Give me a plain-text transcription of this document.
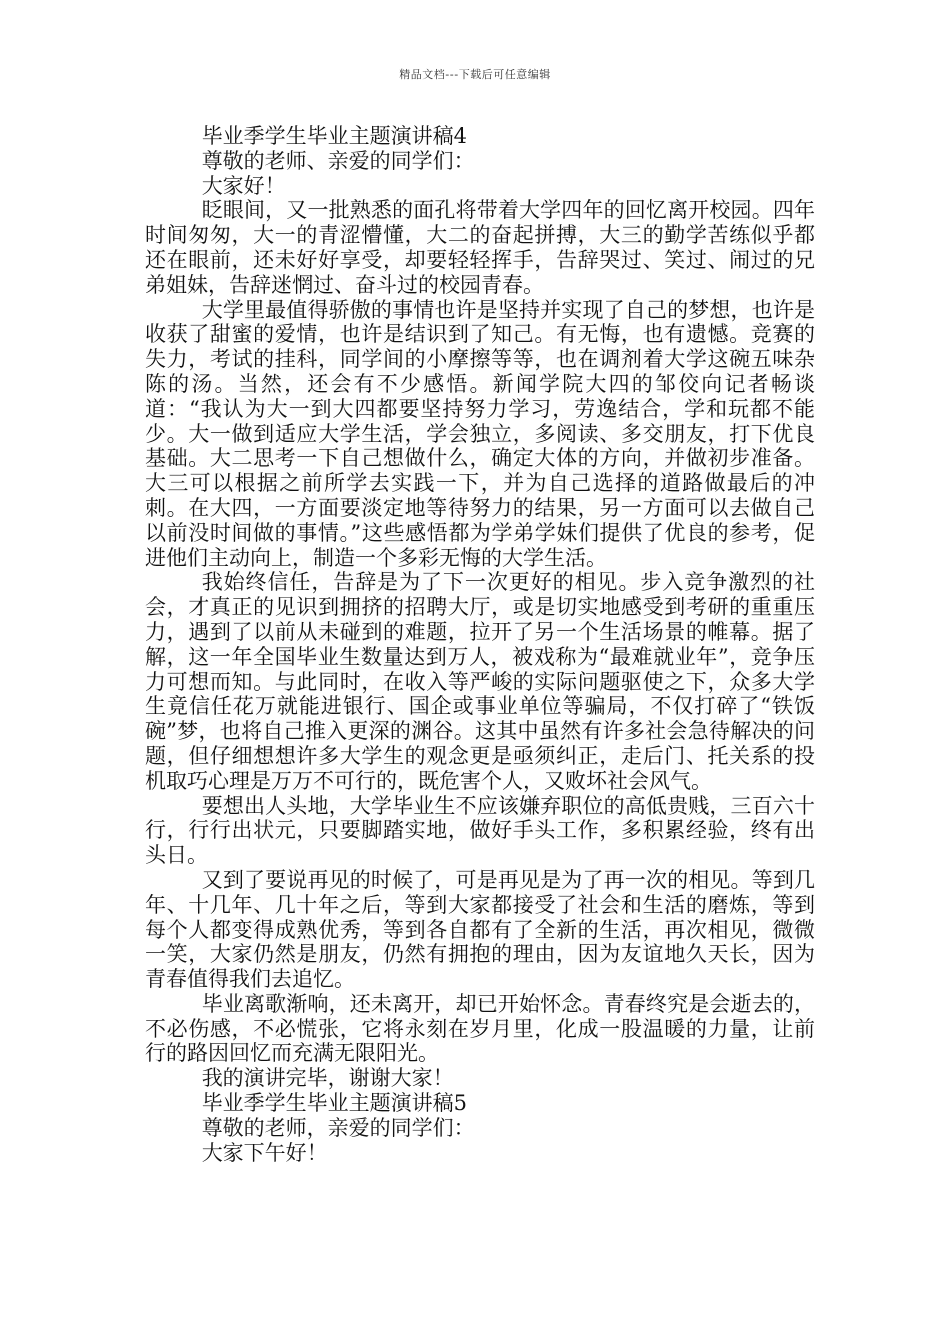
精品文档---下载后可任意编辑

毕业季学生毕业主题演讲稿4

尊敬的老师、亲爱的同学们：

大家好！

眨眼间，又一批熟悉的面孔将带着大学四年的回忆离开校园。四年时间匆匆，大一的青涩懵懂，大二的奋起拼搏，大三的勤学苦练似乎都还在眼前，还未好好享受，却要轻轻挥手，告辞哭过、笑过、闹过的兄弟姐妹，告辞迷惘过、奋斗过的校园青春。

大学里最值得骄傲的事情也许是坚持并实现了自己的梦想，也许是收获了甜蜜的爱情，也许是结识到了知己。有无悔，也有遗憾。竞赛的失力，考试的挂科，同学间的小摩擦等等，也在调剂着大学这碗五味杂陈的汤。当然，还会有不少感悟。新闻学院大四的邹佼向记者畅谈道：“我认为大一到大四都要坚持努力学习，劳逸结合，学和玩都不能少。大一做到适应大学生活，学会独立，多阅读、多交朋友，打下优良基础。大二思考一下自己想做什么，确定大体的方向，并做初步准备。大三可以根据之前所学去实践一下，并为自己选择的道路做最后的冲刺。在大四，一方面要淡定地等待努力的结果，另一方面可以去做自己以前没时间做的事情。”这些感悟都为学弟学妹们提供了优良的参考，促进他们主动向上，制造一个多彩无悔的大学生活。

我始终信任，告辞是为了下一次更好的相见。步入竞争激烈的社会，才真正的见识到拥挤的招聘大厅，或是切实地感受到考研的重重压力，遇到了以前从未碰到的难题，拉开了另一个生活场景的帷幕。据了解，这一年全国毕业生数量达到万人，被戏称为“最难就业年”，竞争压力可想而知。与此同时，在收入等严峻的实际问题驱使之下，众多大学生竟信任花万就能进银行、国企或事业单位等骗局，不仅打碎了“铁饭碗”梦，也将自己推入更深的渊谷。这其中虽然有许多社会急待解决的问题，但仔细想想许多大学生的观念更是亟须纠正，走后门、托关系的投机取巧心理是万万不可行的，既危害个人，又败坏社会风气。

要想出人头地，大学毕业生不应该嫌弃职位的高低贵贱，三百六十行，行行出状元，只要脚踏实地，做好手头工作，多积累经验，终有出头日。

又到了要说再见的时候了，可是再见是为了再一次的相见。等到几年、十几年、几十年之后，等到大家都接受了社会和生活的磨炼，等到每个人都变得成熟优秀，等到各自都有了全新的生活，再次相见，微微一笑，大家仍然是朋友，仍然有拥抱的理由，因为友谊地久天长，因为青春值得我们去追忆。

毕业离歌渐响，还未离开，却已开始怀念。青春终究是会逝去的，不必伤感，不必慌张，它将永刻在岁月里，化成一股温暖的力量，让前行的路因回忆而充满无限阳光。

我的演讲完毕，谢谢大家！

毕业季学生毕业主题演讲稿5

尊敬的老师，亲爱的同学们：

大家下午好！
